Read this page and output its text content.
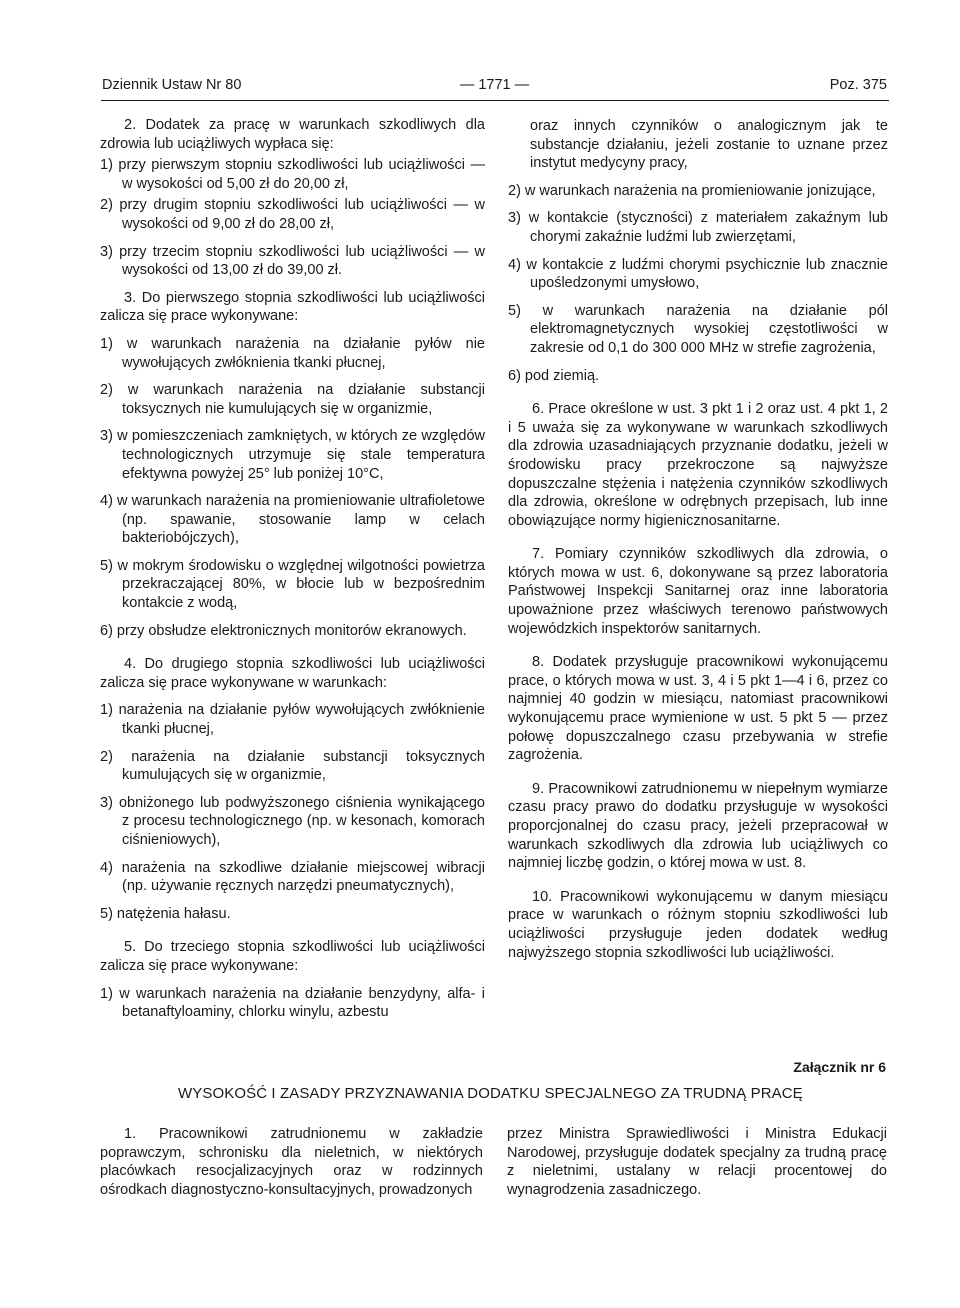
Dziennik Ustaw Nr 80	— 1771 —	Poz. 375

2. Dodatek za pracę w warunkach szkodliwych dla zdrowia lub uciążliwych wypłaca się:

1) przy pierwszym stopniu szkodliwości lub uciążliwości — w wysokości od 5,00 zł do 20,00 zł,

2) przy drugim stopniu szkodliwości lub uciążliwości — w wysokości od 9,00 zł do 28,00 zł,

3) przy trzecim stopniu szkodliwości lub uciążliwości — w wysokości od 13,00 zł do 39,00 zł.

3. Do pierwszego stopnia szkodliwości lub uciążliwości zalicza się prace wykonywane:

1) w warunkach narażenia na działanie pyłów nie wywołujących zwłóknienia tkanki płucnej,

2) w warunkach narażenia na działanie substancji toksycznych nie kumulujących się w organizmie,

3) w pomieszczeniach zamkniętych, w których ze względów technologicznych utrzymuje się stale temperatura efektywna powyżej 25° lub poniżej 10°C,

4) w warunkach narażenia na promieniowanie ultrafioletowe (np. spawanie, stosowanie lamp w celach bakteriobójczych),

5) w mokrym środowisku o względnej wilgotności powietrza przekraczającej 80%, w błocie lub w bezpośrednim kontakcie z wodą,

6) przy obsłudze elektronicznych monitorów ekranowych.

4. Do drugiego stopnia szkodliwości lub uciążliwości zalicza się prace wykonywane w warunkach:

1) narażenia na działanie pyłów wywołujących zwłóknienie tkanki płucnej,

2) narażenia na działanie substancji toksycznych kumulujących się w organizmie,

3) obniżonego lub podwyższonego ciśnienia wynikającego z procesu technologicznego (np. w kesonach, komorach ciśnieniowych),

4) narażenia na szkodliwe działanie miejscowej wibracji (np. używanie ręcznych narzędzi pneumatycznych),

5) natężenia hałasu.

5. Do trzeciego stopnia szkodliwości lub uciążliwości zalicza się prace wykonywane:

1) w warunkach narażenia na działanie benzydyny, alfa- i betanaftyloaminy, chlorku winylu, azbestu

oraz innych czynników o analogicznym jak te substancje działaniu, jeżeli zostanie to uznane przez instytut medycyny pracy,

2) w warunkach narażenia na promieniowanie jonizujące,

3) w kontakcie (styczności) z materiałem zakaźnym lub chorymi zakaźnie ludźmi lub zwierzętami,

4) w kontakcie z ludźmi chorymi psychicznie lub znacznie upośledzonymi umysłowo,

5) w warunkach narażenia na działanie pól elektromagnetycznych wysokiej częstotliwości w zakresie od 0,1 do 300 000 MHz w strefie zagrożenia,

6) pod ziemią.

6. Prace określone w ust. 3 pkt 1 i 2 oraz ust. 4 pkt 1, 2 i 5 uważa się za wykonywane w warunkach szkodliwych dla zdrowia uzasadniających przyznanie dodatku, jeżeli w środowisku pracy przekroczone są najwyższe dopuszczalne stężenia i natężenia czynników szkodliwych dla zdrowia, określone w odrębnych przepisach, lub inne obowiązujące normy higienicznosanitarne.

7. Pomiary czynników szkodliwych dla zdrowia, o których mowa w ust. 6, dokonywane są przez laboratoria Państwowej Inspekcji Sanitarnej oraz inne laboratoria upoważnione przez właściwych terenowo państwowych wojewódzkich inspektorów sanitarnych.

8. Dodatek przysługuje pracownikowi wykonującemu prace, o których mowa w ust. 3, 4 i 5 pkt 1—4 i 6, przez co najmniej 40 godzin w miesiącu, natomiast pracownikowi wykonującemu prace wymienione w ust. 5 pkt 5 — przez połowę dopuszczalnego czasu przebywania w strefie zagrożenia.

9. Pracownikowi zatrudnionemu w niepełnym wymiarze czasu pracy prawo do dodatku przysługuje w wysokości proporcjonalnej do czasu pracy, jeżeli przepracował w warunkach szkodliwych dla zdrowia lub uciążliwych co najmniej liczbę godzin, o której mowa w ust. 8.

10. Pracownikowi wykonującemu w danym miesiącu prace w warunkach o różnym stopniu szkodliwości lub uciążliwości przysługuje jeden dodatek według najwyższego stopnia szkodliwości lub uciążliwości.

Załącznik nr 6
WYSOKOŚĆ I ZASADY PRZYZNAWANIA DODATKU SPECJALNEGO ZA TRUDNĄ PRACĘ

1. Pracownikowi zatrudnionemu w zakładzie poprawczym, schronisku dla nieletnich, w niektórych placówkach resocjalizacyjnych oraz w rodzinnych ośrodkach diagnostyczno-konsultacyjnych, prowadzonych

przez Ministra Sprawiedliwości i Ministra Edukacji Narodowej, przysługuje dodatek specjalny za trudną pracę z nieletnimi, ustalany w relacji procentowej do wynagrodzenia zasadniczego.
